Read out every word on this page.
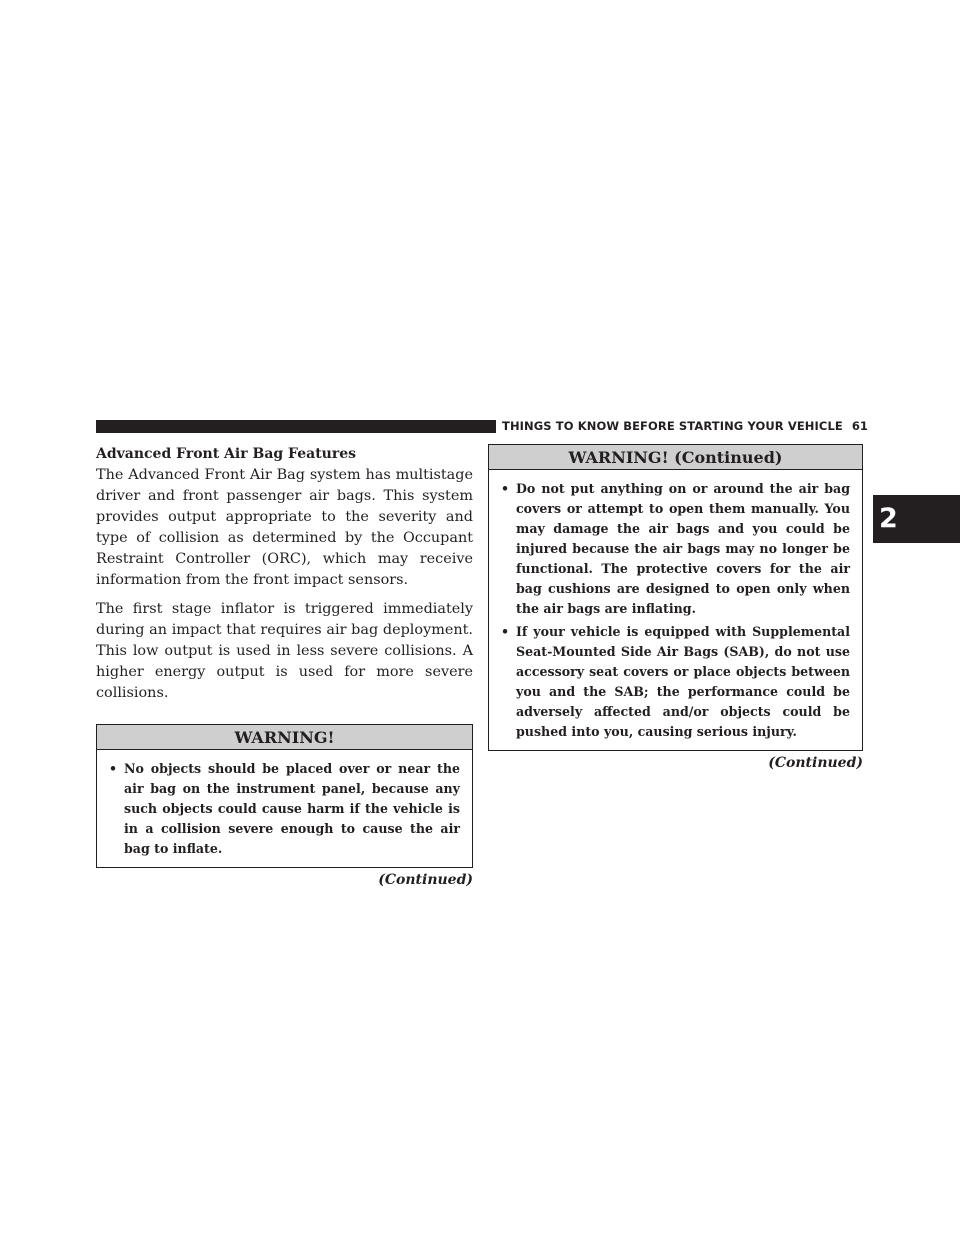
THINGS TO KNOW BEFORE STARTING YOUR VEHICLE 61
2

Advanced Front Air Bag Features

The Advanced Front Air Bag system has multistage driver and front passenger air bags. This system provides output appropriate to the severity and type of collision as determined by the Occupant Restraint Controller (ORC), which may receive information from the front impact sensors.

The first stage inflator is triggered immediately during an impact that requires air bag deployment. This low output is used in less severe collisions. A higher energy output is used for more severe collisions.

WARNING!
• No objects should be placed over or near the air bag on the instrument panel, because any such objects could cause harm if the vehicle is in a collision severe enough to cause the air bag to inflate.
(Continued)
WARNING! (Continued)
• Do not put anything on or around the air bag covers or attempt to open them manually. You may damage the air bags and you could be injured because the air bags may no longer be functional. The protective covers for the air bag cushions are designed to open only when the air bags are inflating.
• If your vehicle is equipped with Supplemental Seat-Mounted Side Air Bags (SAB), do not use accessory seat covers or place objects between you and the SAB; the performance could be adversely affected and/or objects could be pushed into you, causing serious injury.
(Continued)
